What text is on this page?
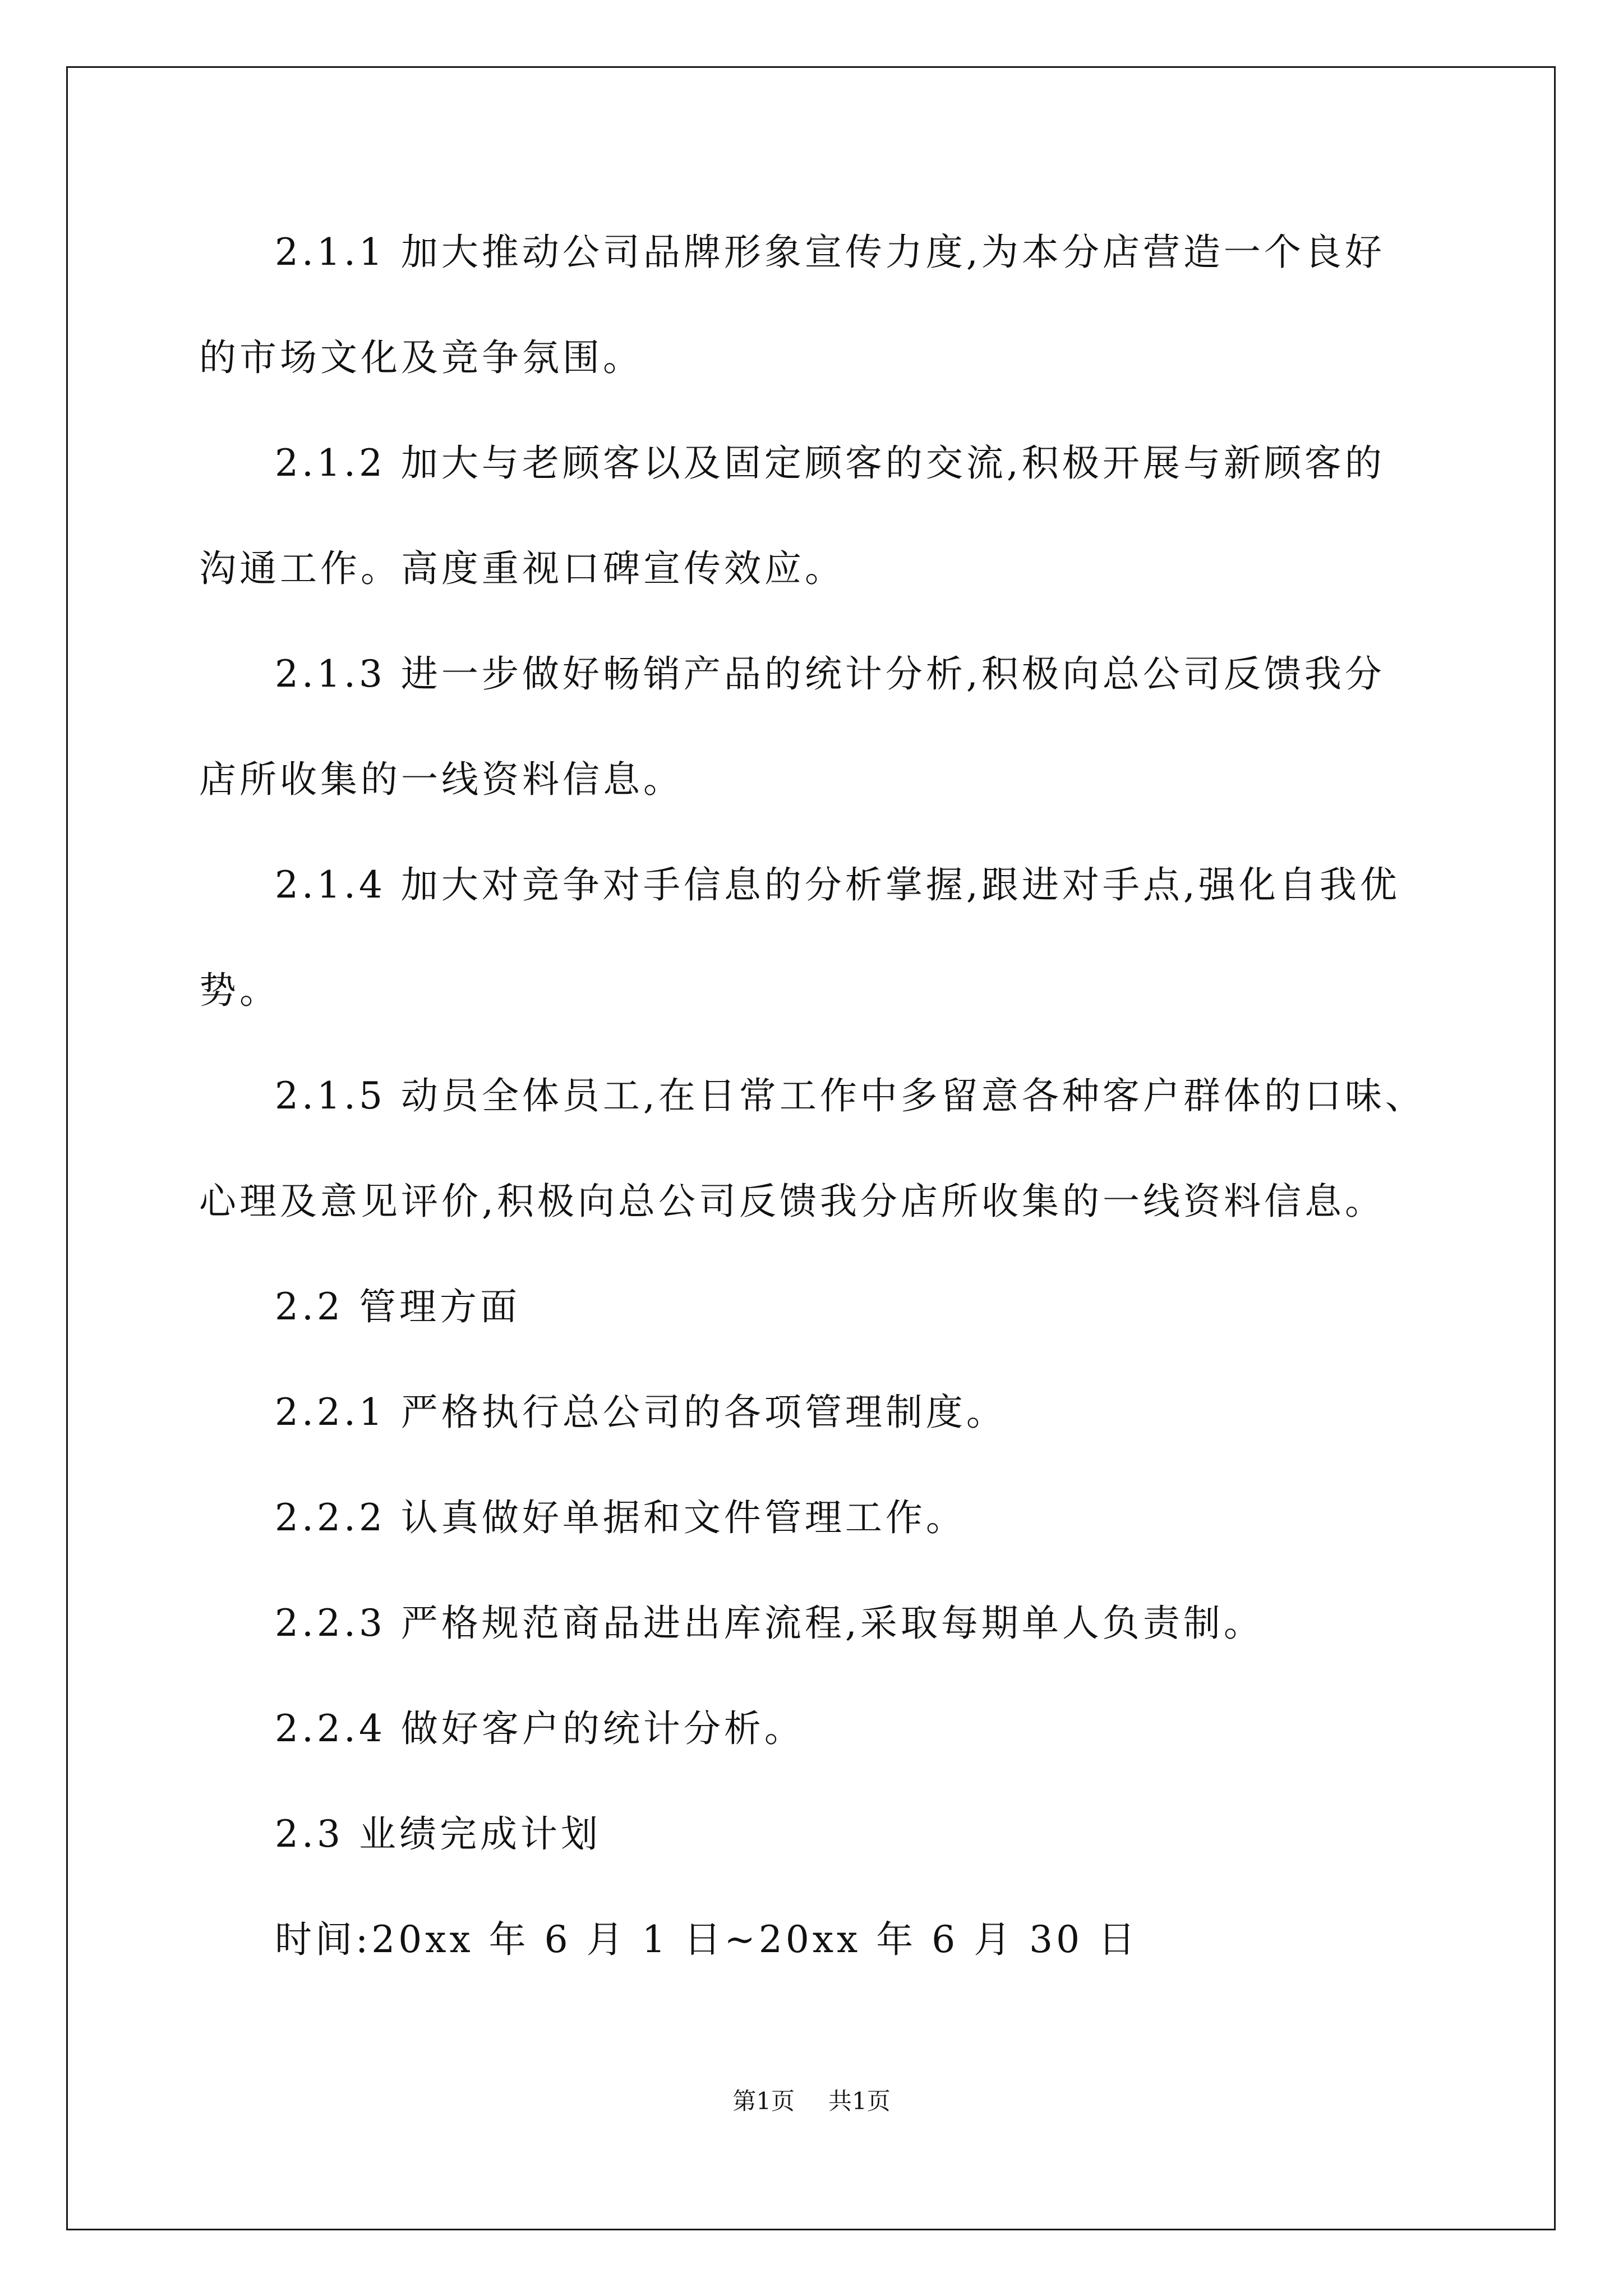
2.1.1 加大推动公司品牌形象宣传力度,为本分店营造一个良好
的市场文化及竞争氛围。
2.1.2 加大与老顾客以及固定顾客的交流,积极开展与新顾客的
沟通工作。高度重视口碑宣传效应。
2.1.3 进一步做好畅销产品的统计分析,积极向总公司反馈我分
店所收集的一线资料信息。
2.1.4 加大对竞争对手信息的分析掌握,跟进对手点,强化自我优
势。
2.1.5 动员全体员工,在日常工作中多留意各种客户群体的口味、
心理及意见评价,积极向总公司反馈我分店所收集的一线资料信息。
2.2 管理方面
2.2.1 严格执行总公司的各项管理制度。
2.2.2 认真做好单据和文件管理工作。
2.2.3 严格规范商品进出库流程,采取每期单人负责制。
2.2.4 做好客户的统计分析。
2.3 业绩完成计划
时间:20xx 年 6 月 1 日~20xx 年 6 月 30 日
第1页 共1页
